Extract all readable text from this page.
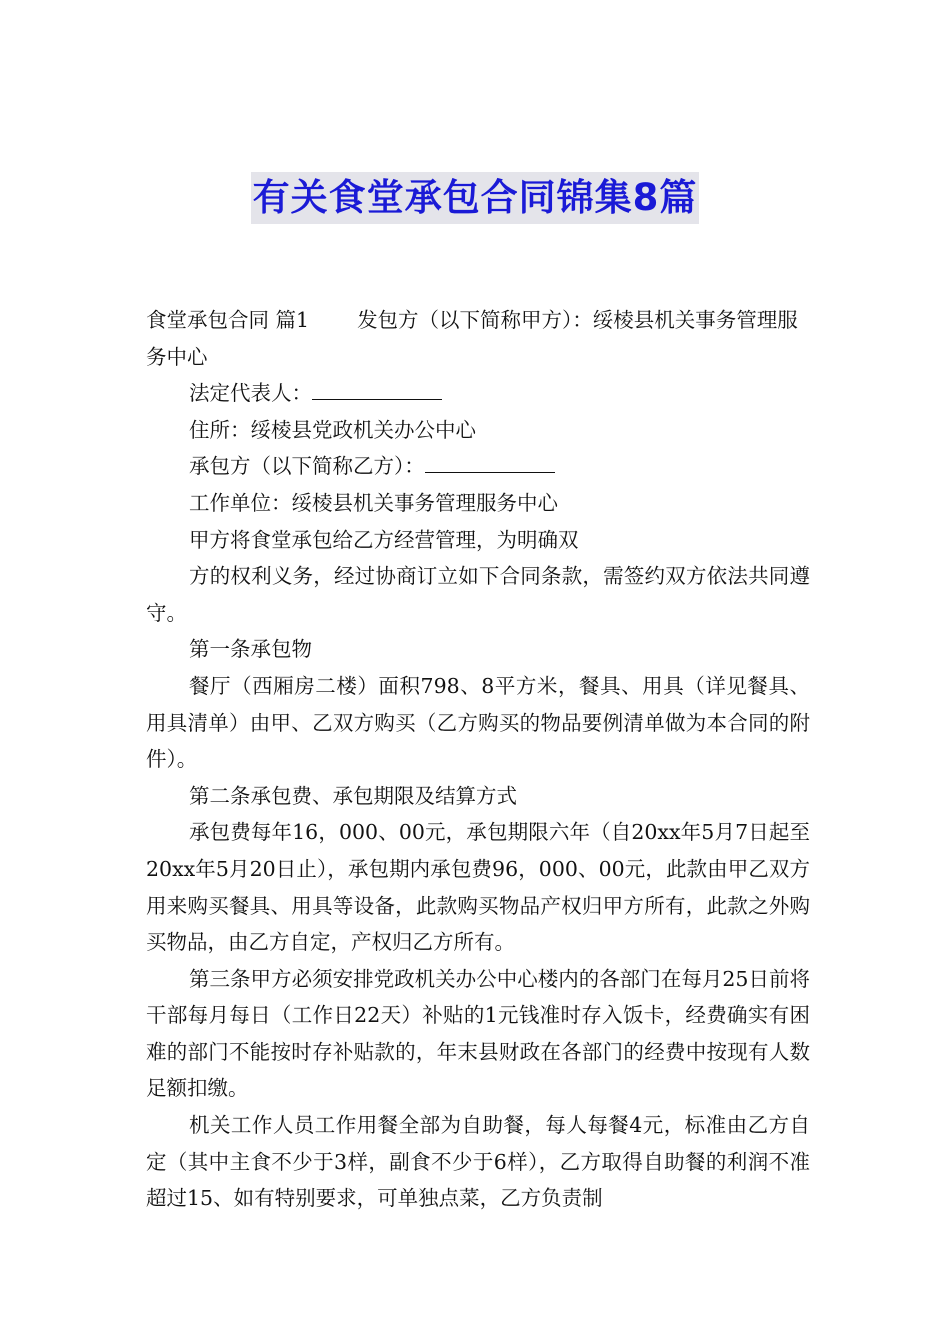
有关食堂承包合同锦集8篇

食堂承包合同 篇1 发包方（以下简称甲方）：绥棱县机关事务管理服务中心

法定代表人：

住所：绥棱县党政机关办公中心

承包方（以下简称乙方）：

工作单位：绥棱县机关事务管理服务中心

甲方将食堂承包给乙方经营管理，为明确双

方的权利义务，经过协商订立如下合同条款，需签约双方依法共同遵守。

第一条承包物

餐厅（西厢房二楼）面积798、8平方米，餐具、用具（详见餐具、用具清单）由甲、乙双方购买（乙方购买的物品要例清单做为本合同的附件）。

第二条承包费、承包期限及结算方式

承包费每年16，000、00元，承包期限六年（自20xx年5月7日起至20xx年5月20日止），承包期内承包费96，000、00元，此款由甲乙双方用来购买餐具、用具等设备，此款购买物品产权归甲方所有，此款之外购买物品，由乙方自定，产权归乙方所有。

第三条甲方必须安排党政机关办公中心楼内的各部门在每月25日前将干部每月每日（工作日22天）补贴的1元钱准时存入饭卡，经费确实有困难的部门不能按时存补贴款的，年末县财政在各部门的经费中按现有人数足额扣缴。

机关工作人员工作用餐全部为自助餐，每人每餐4元，标准由乙方自定（其中主食不少于3样，副食不少于6样），乙方取得自助餐的利润不准超过15、如有特别要求，可单独点菜，乙方负责制
